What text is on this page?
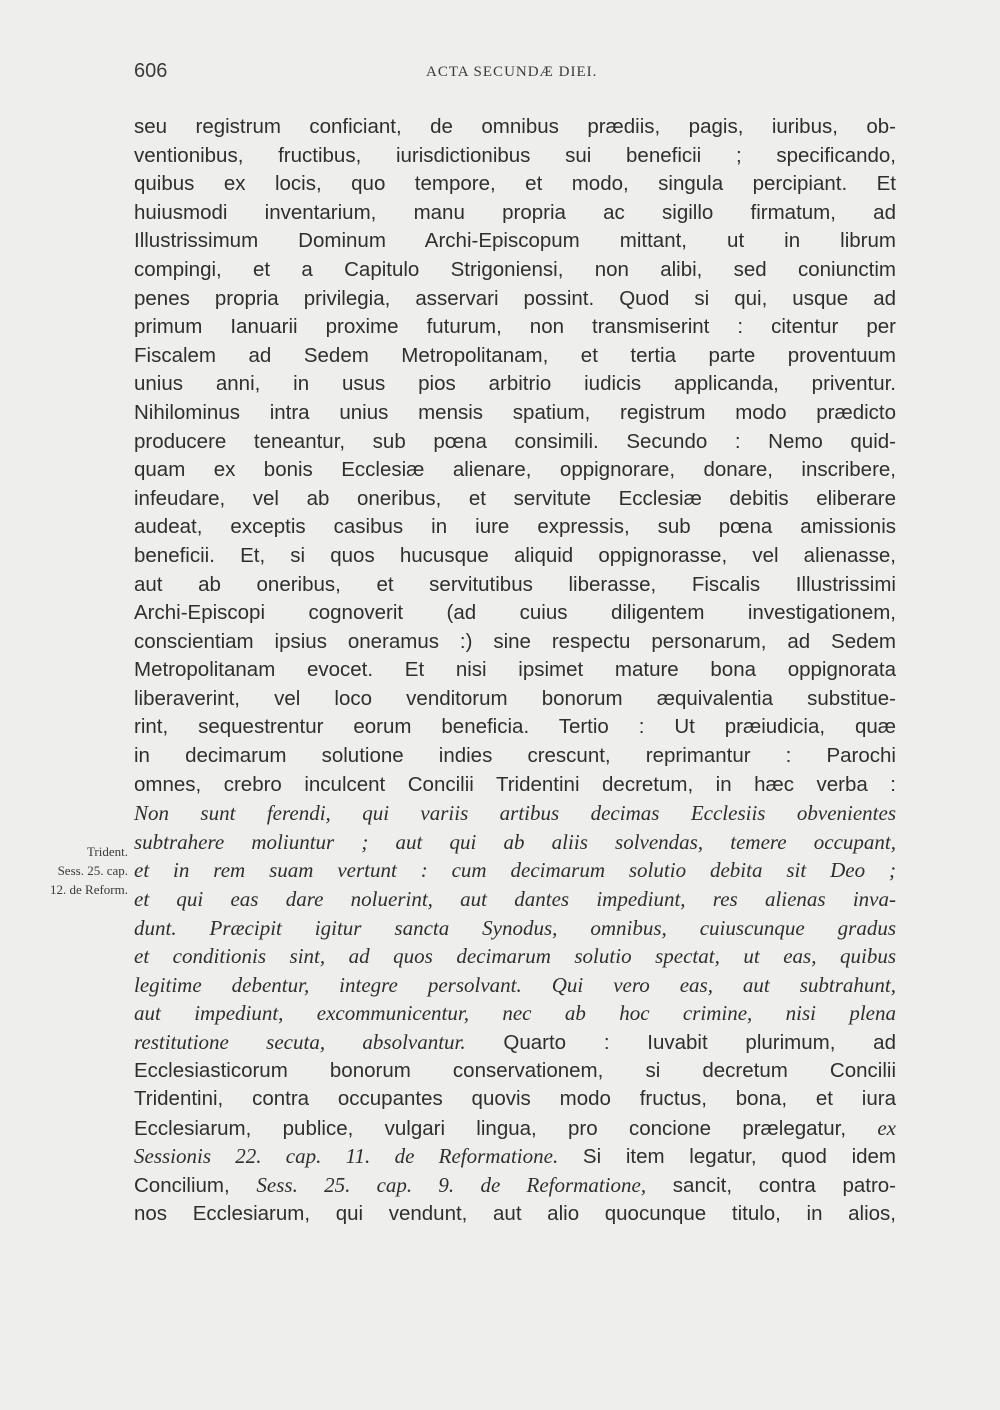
606	ACTA SECUNDÆ DIEI.
Trident.
Sess. 25. cap.
12. de Reform.
seu registrum conficiant, de omnibus prædiis, pagis, iuribus, ob-
ventionibus, fructibus, iurisdictionibus sui beneficii ; specificando,
quibus ex locis, quo tempore, et modo, singula percipiant. Et
huiusmodi inventarium, manu propria ac sigillo firmatum, ad
Illustrissimum Dominum Archi-Episcopum mittant, ut in librum
compingi, et a Capitulo Strigoniensi, non alibi, sed coniunctim
penes propria privilegia, asservari possint. Quod si qui, usque ad
primum Ianuarii proxime futurum, non transmiserint : citentur per
Fiscalem ad Sedem Metropolitanam, et tertia parte proventuum
unius anni, in usus pios arbitrio iudicis applicanda, priventur.
Nihilominus intra unius mensis spatium, registrum modo prædicto
producere teneantur, sub pœna consimili. Secundo : Nemo quid-
quam ex bonis Ecclesiæ alienare, oppignorare, donare, inscribere,
infeudare, vel ab oneribus, et servitute Ecclesiæ debitis eliberare
audeat, exceptis casibus in iure expressis, sub pœna amissionis
beneficii. Et, si quos hucusque aliquid oppignorasse, vel alienasse,
aut ab oneribus, et servitutibus liberasse, Fiscalis Illustrissimi
Archi-Episcopi cognoverit (ad cuius diligentem investigationem,
conscientiam ipsius oneramus :) sine respectu personarum, ad Sedem
Metropolitanam evocet. Et nisi ipsimet mature bona oppignorata
liberaverint, vel loco venditorum bonorum æquivalentia substitue-
rint, sequestrentur eorum beneficia. Tertio : Ut præiudicia, quæ
in decimarum solutione indies crescunt, reprimantur : Parochi
omnes, crebro inculcent Concilii Tridentini decretum, in hæc verba :
Non sunt ferendi, qui variis artibus decimas Ecclesiis obvenientes
subtrahere moliuntur ; aut qui ab aliis solvendas, temere occupant,
et in rem suam vertunt : cum decimarum solutio debita sit Deo ;
et qui eas dare noluerint, aut dantes impediunt, res alienas inva-
dunt. Præcipit igitur sancta Synodus, omnibus, cuiuscunque gradus
et conditionis sint, ad quos decimarum solutio spectat, ut eas, quibus
legitime debentur, integre persolvant. Qui vero eas, aut subtrahunt,
aut impediunt, excommunicentur, nec ab hoc crimine, nisi plena
restitutione secuta, absolvantur. Quarto : Iuvabit plurimum, ad
Ecclesiasticorum bonorum conservationem, si decretum Concilii
Tridentini, contra occupantes quovis modo fructus, bona, et iura
Ecclesiarum, publice, vulgari lingua, pro concione prælegatur, ex
Sessionis 22. cap. 11. de Reformatione. Si item legatur, quod idem
Concilium, Sess. 25. cap. 9. de Reformatione, sancit, contra patro-
nos Ecclesiarum, qui vendunt, aut alio quocunque titulo, in alios,
